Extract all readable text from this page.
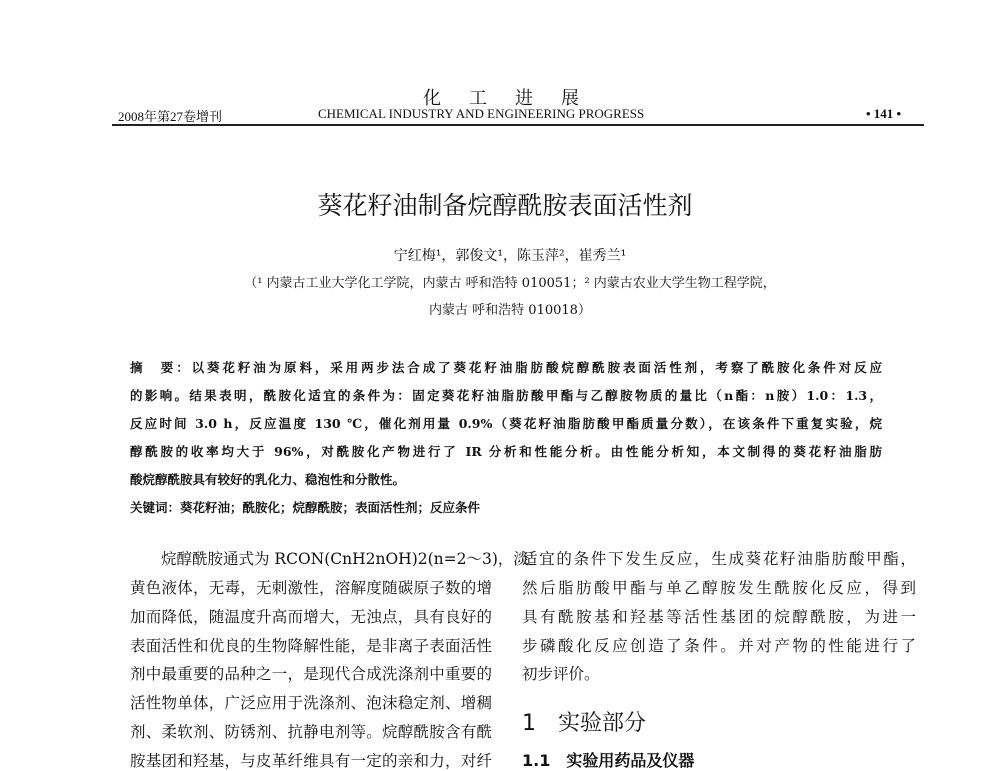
化工进展
2008年第27卷增刊	CHEMICAL INDUSTRY AND ENGINEERING PROGRESS	• 141 •
葵花籽油制备烷醇酰胺表面活性剂
宁红梅¹，郭俊文¹，陈玉萍²，崔秀兰¹
（¹ 内蒙古工业大学化工学院，内蒙古 呼和浩特 010051；² 内蒙古农业大学生物工程学院，
内蒙古 呼和浩特 010018）
摘　要：以葵花籽油为原料，采用两步法合成了葵花籽油脂肪酸烷醇酰胺表面活性剂，考察了酰胺化条件对反应
的影响。结果表明，酰胺化适宜的条件为：固定葵花籽油脂肪酸甲酯与乙醇胺物质的量比（n酯：n胺）1.0：1.3，
反应时间 3.0 h，反应温度 130 ℃，催化剂用量 0.9%（葵花籽油脂肪酸甲酯质量分数），在该条件下重复实验，烷
醇酰胺的收率均大于 96%，对酰胺化产物进行了 IR 分析和性能分析。由性能分析知，本文制得的葵花籽油脂肪
酸烷醇酰胺具有较好的乳化力、稳泡性和分散性。
关键词：葵花籽油；酰胺化；烷醇酰胺；表面活性剂；反应条件
　　烷醇酰胺通式为 RCON(CnH2nOH)2(n=2～3)，淡
黄色液体，无毒，无刺激性，溶解度随碳原子数的增
加而降低，随温度升高而增大，无浊点，具有良好的
表面活性和优良的生物降解性能，是非离子表面活性
剂中最重要的品种之一，是现代合成洗涤剂中重要的
活性物单体，广泛应用于洗涤剂、泡沫稳定剂、增稠
剂、柔软剂、防锈剂、抗静电剂等。烷醇酰胺含有酰
胺基团和羟基，与皮革纤维具有一定的亲和力，对纤
适宜的条件下发生反应，生成葵花籽油脂肪酸甲酯，
然后脂肪酸甲酯与单乙醇胺发生酰胺化反应，得到
具有酰胺基和羟基等活性基团的烷醇酰胺，为进一
步磷酸化反应创造了条件。并对产物的性能进行了
初步评价。
1　实验部分
1.1　实验用药品及仪器
